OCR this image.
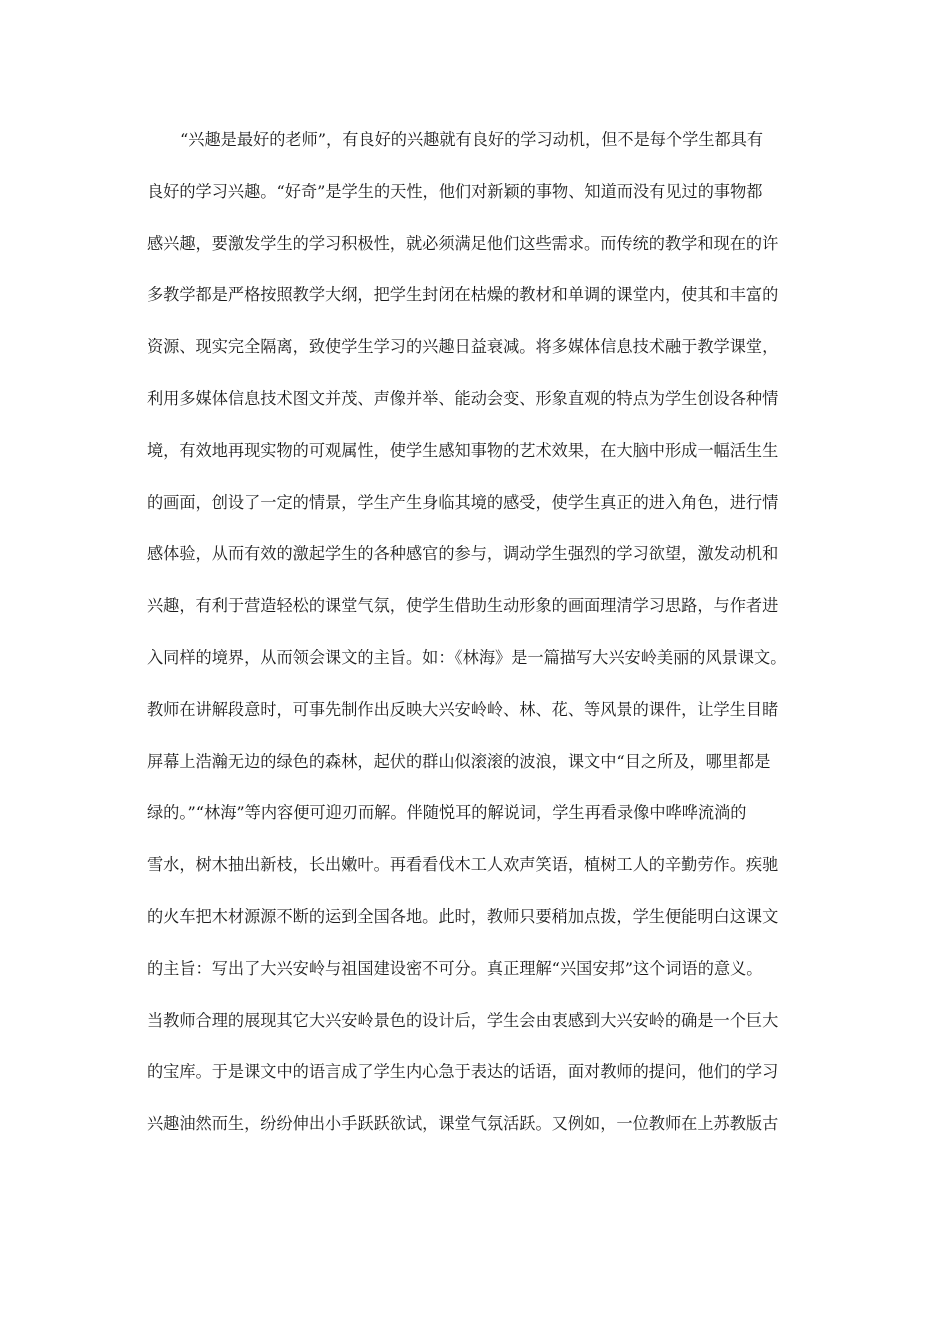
“兴趣是最好的老师”，有良好的兴趣就有良好的学习动机，但不是每个学生都具有
良好的学习兴趣。“好奇”是学生的天性，他们对新颖的事物、知道而没有见过的事物都
感兴趣，要激发学生的学习积极性，就必须满足他们这些需求。而传统的教学和现在的许
多教学都是严格按照教学大纲，把学生封闭在枯燥的教材和单调的课堂内，使其和丰富的
资源、现实完全隔离，致使学生学习的兴趣日益衰减。将多媒体信息技术融于教学课堂，
利用多媒体信息技术图文并茂、声像并举、能动会变、形象直观的特点为学生创设各种情
境，有效地再现实物的可观属性，使学生感知事物的艺术效果，在大脑中形成一幅活生生
的画面，创设了一定的情景，学生产生身临其境的感受，使学生真正的进入角色，进行情
感体验，从而有效的激起学生的各种感官的参与，调动学生强烈的学习欲望，激发动机和
兴趣，有利于营造轻松的课堂气氛，使学生借助生动形象的画面理清学习思路，与作者进
入同样的境界，从而领会课文的主旨。如：《林海》是一篇描写大兴安岭美丽的风景课文。
教师在讲解段意时，可事先制作出反映大兴安岭岭、林、花、等风景的课件，让学生目睹
屏幕上浩瀚无边的绿色的森林，起伏的群山似滚滚的波浪，课文中“目之所及，哪里都是
绿的。”“林海”等内容便可迎刃而解。伴随悦耳的解说词，学生再看录像中哗哗流淌的
雪水，树木抽出新枝，长出嫩叶。再看看伐木工人欢声笑语，植树工人的辛勤劳作。疾驰
的火车把木材源源不断的运到全国各地。此时，教师只要稍加点拨，学生便能明白这课文
的主旨：写出了大兴安岭与祖国建设密不可分。真正理解“兴国安邦”这个词语的意义。
当教师合理的展现其它大兴安岭景色的设计后，学生会由衷感到大兴安岭的确是一个巨大
的宝库。于是课文中的语言成了学生内心急于表达的话语，面对教师的提问，他们的学习
兴趣油然而生，纷纷伸出小手跃跃欲试，课堂气氛活跃。又例如，一位教师在上苏教版古
